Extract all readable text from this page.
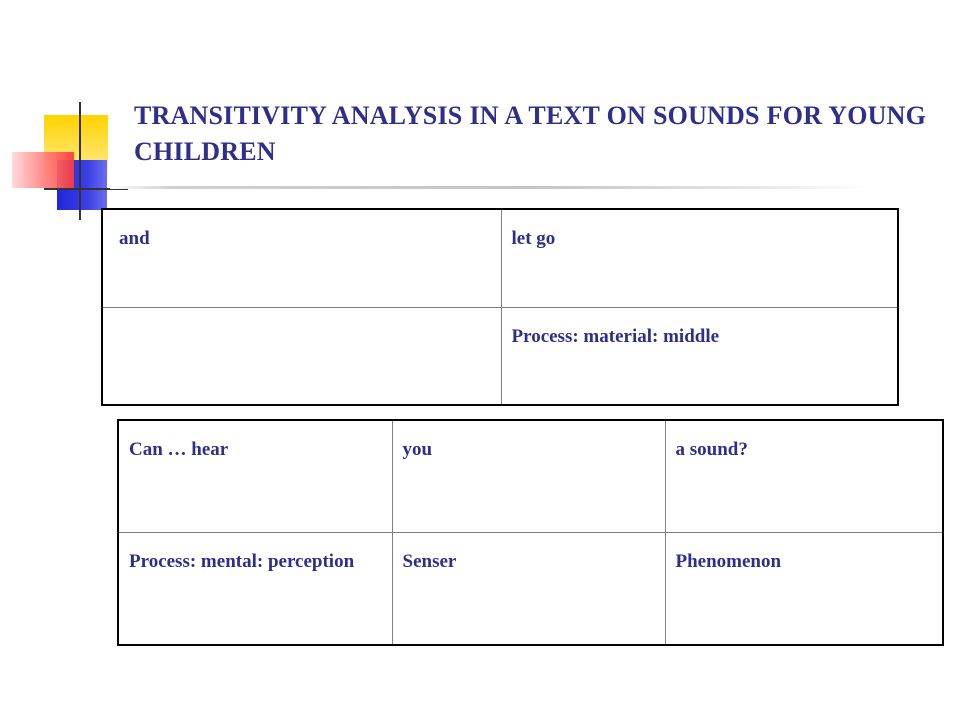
TRANSITIVITY ANALYSIS IN A TEXT ON SOUNDS FOR YOUNG CHILDREN
and	let go
	Process: material: middle
Can … hear	you	a sound?
Process: mental: perception	Senser	Phenomenon
